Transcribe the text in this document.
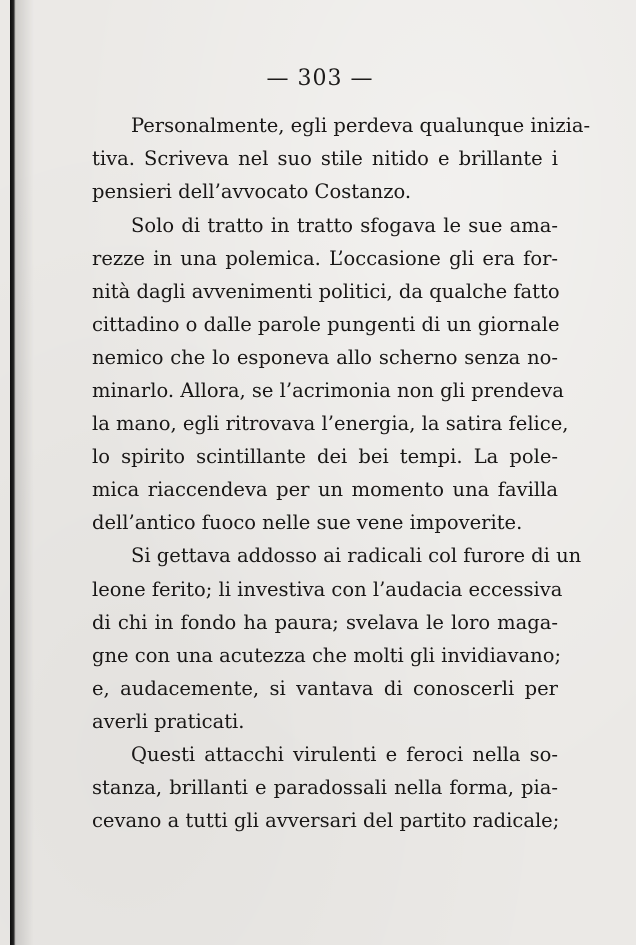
— 303 —
Personalmente, egli perdeva qualunque inizia-
tiva. Scriveva nel suo stile nitido e brillante i
pensieri dell’avvocato Costanzo.
Solo di tratto in tratto sfogava le sue ama-
rezze in una polemica. L’occasione gli era for-
nità dagli avvenimenti politici, da qualche fatto
cittadino o dalle parole pungenti di un giornale
nemico che lo esponeva allo scherno senza no-
minarlo. Allora, se l’acrimonia non gli prendeva
la mano, egli ritrovava l’energia, la satira felice,
lo spirito scintillante dei bei tempi. La pole-
mica riaccendeva per un momento una favilla
dell’antico fuoco nelle sue vene impoverite.
Si gettava addosso ai radicali col furore di un
leone ferito; li investiva con l’audacia eccessiva
di chi in fondo ha paura; svelava le loro maga-
gne con una acutezza che molti gli invidiavano;
e, audacemente, si vantava di conoscerli per
averli praticati.
Questi attacchi virulenti e feroci nella so-
stanza, brillanti e paradossali nella forma, pia-
cevano a tutti gli avversari del partito radicale;
